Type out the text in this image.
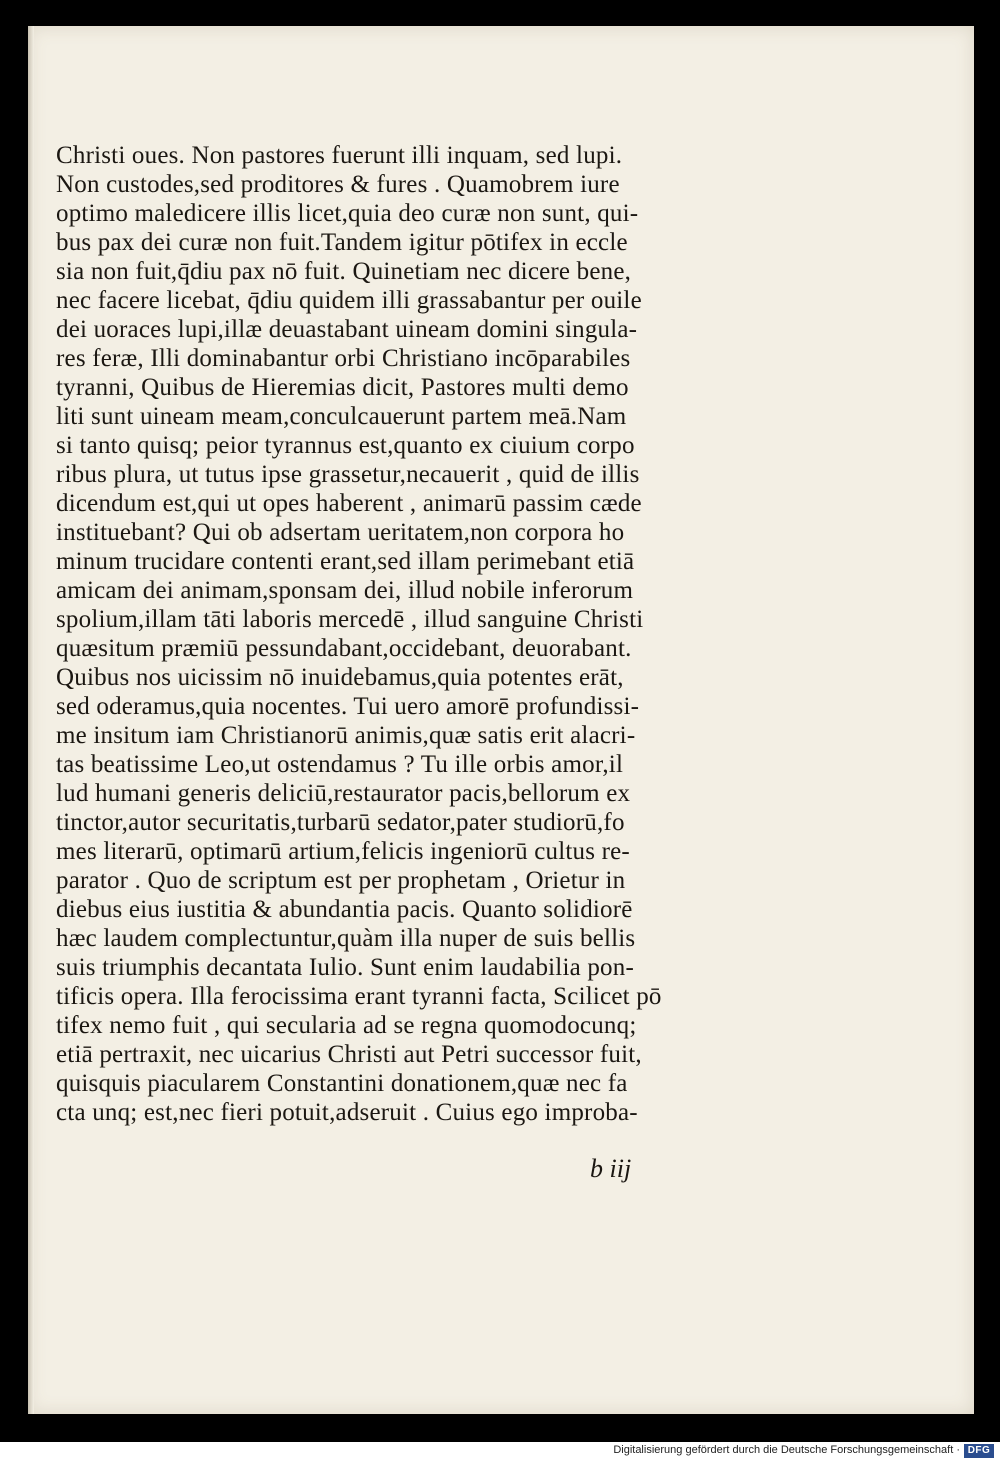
Christi oues. Non pastores fuerunt illi inquam, sed lupi.
Non custodes,sed proditores & fures . Quamobrem iure
optimo maledicere illis licet,quia deo curæ non sunt, qui-
bus pax dei curæ non fuit.Tandem igitur pōtifex in eccle
sia non fuit,q̄diu pax nō fuit. Quinetiam nec dicere bene,
nec facere licebat, q̄diu quidem illi grassabantur per ouile
dei uoraces lupi,illæ deuastabant uineam domini singula-
res feræ, Illi dominabantur orbi Christiano incōparabiles
tyranni, Quibus de Hieremias dicit, Pastores multi demo
liti sunt uineam meam,conculcauerunt partem meā.Nam
si tanto quisq; peior tyrannus est,quanto ex ciuium corpo
ribus plura, ut tutus ipse grassetur,necauerit , quid de illis
dicendum est,qui ut opes haberent , animarū passim cæde
instituebant? Qui ob adsertam ueritatem,non corpora ho
minum trucidare contenti erant,sed illam perimebant etiā
amicam dei animam,sponsam dei, illud nobile inferorum
spolium,illam tāti laboris mercedē , illud sanguine Christi
quæsitum præmiū pessundabant,occidebant, deuorabant.
Quibus nos uicissim nō inuidebamus,quia potentes erāt,
sed oderamus,quia nocentes. Tui uero amorē profundissi-
me insitum iam Christianorū animis,quæ satis erit alacri-
tas beatissime Leo,ut ostendamus ? Tu ille orbis amor,il
lud humani generis deliciū,restaurator pacis,bellorum ex
tinctor,autor securitatis,turbarū sedator,pater studiorū,fo
mes literarū, optimarū artium,felicis ingeniorū cultus re-
parator . Quo de scriptum est per prophetam , Orietur in
diebus eius iustitia & abundantia pacis. Quanto solidiorē
hæc laudem complectuntur,quàm illa nuper de suis bellis
suis triumphis decantata Iulio. Sunt enim laudabilia pon-
tificis opera. Illa ferocissima erant tyranni facta, Scilicet pō
tifex nemo fuit , qui secularia ad se regna quomodocunq;
etiā pertraxit, nec uicarius Christi aut Petri successor fuit,
quisquis piacularem Constantini donationem,quæ nec fa
cta unq; est,nec fieri potuit,adseruit . Cuius ego improba-
b iij
Digitalisierung gefördert durch die Deutsche Forschungsgemeinschaft · DFG
